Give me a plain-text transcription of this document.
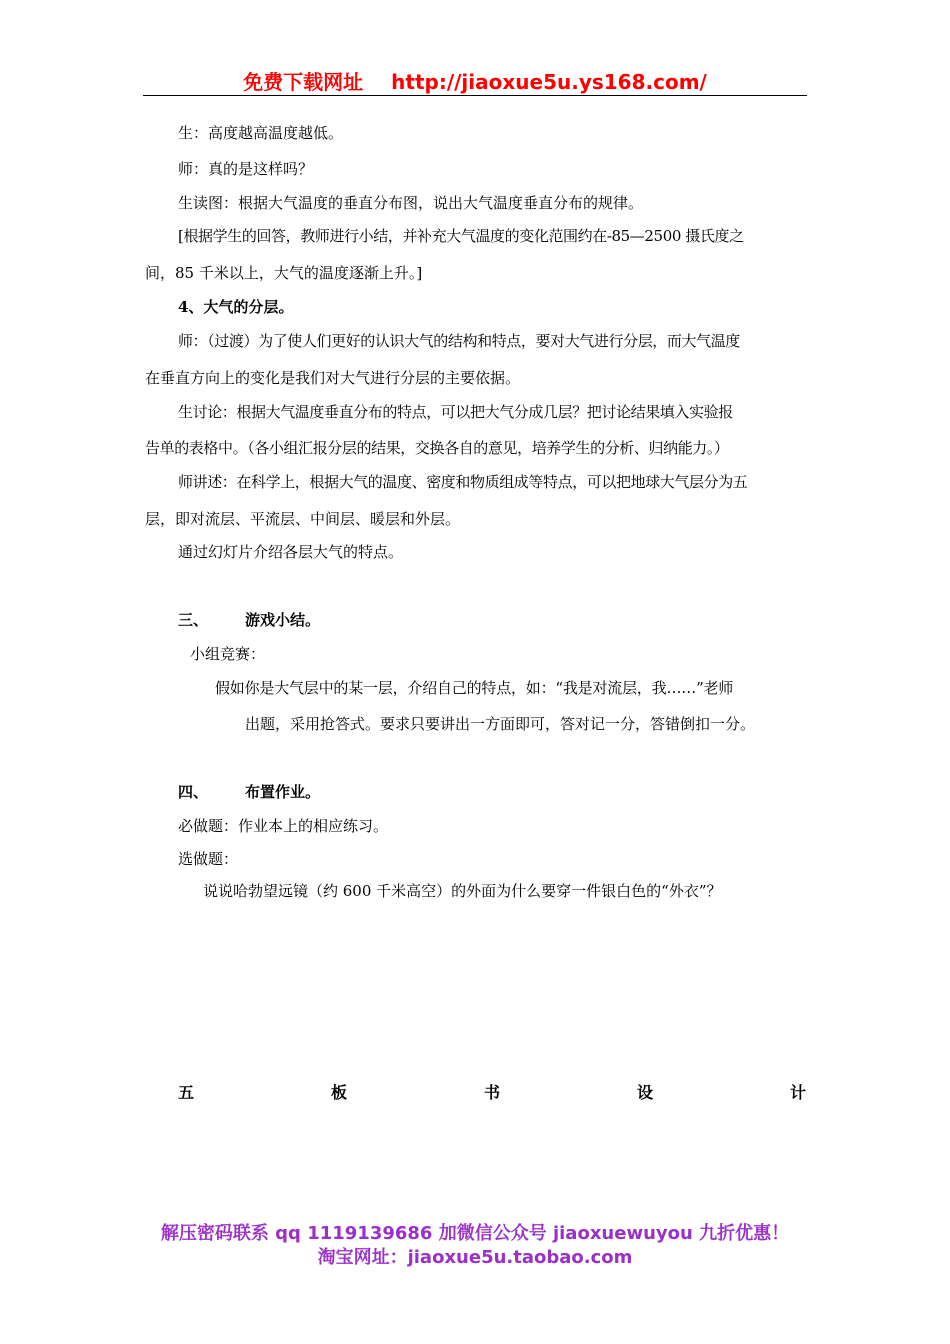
免费下载网址 http://jiaoxue5u.ys168.com/
生：高度越高温度越低。
师：真的是这样吗？
生读图：根据大气温度的垂直分布图，说出大气温度垂直分布的规律。
[根据学生的回答，教师进行小结，并补充大气温度的变化范围约在-85—2500 摄氏度之
间，85 千米以上，大气的温度逐渐上升。]
4、大气的分层。
师：（过渡）为了使人们更好的认识大气的结构和特点，要对大气进行分层，而大气温度
在垂直方向上的变化是我们对大气进行分层的主要依据。
生讨论：根据大气温度垂直分布的特点，可以把大气分成几层？把讨论结果填入实验报
告单的表格中。（各小组汇报分层的结果，交换各自的意见，培养学生的分析、归纳能力。）
师讲述：在科学上，根据大气的温度、密度和物质组成等特点，可以把地球大气层分为五
层，即对流层、平流层、中间层、暖层和外层。
通过幻灯片介绍各层大气的特点。
三、 游戏小结。
小组竞赛：
假如你是大气层中的某一层，介绍自己的特点，如：“我是对流层，我……”老师
出题，采用抢答式。要求只要讲出一方面即可，答对记一分，答错倒扣一分。
四、 布置作业。
必做题：作业本上的相应练习。
选做题：
说说哈勃望远镜（约 600 千米高空）的外面为什么要穿一件银白色的“外衣”？
五	板	书	设	计
解压密码联系 qq 1119139686 加微信公众号 jiaoxuewuyou 九折优惠！
淘宝网址：jiaoxue5u.taobao.com
